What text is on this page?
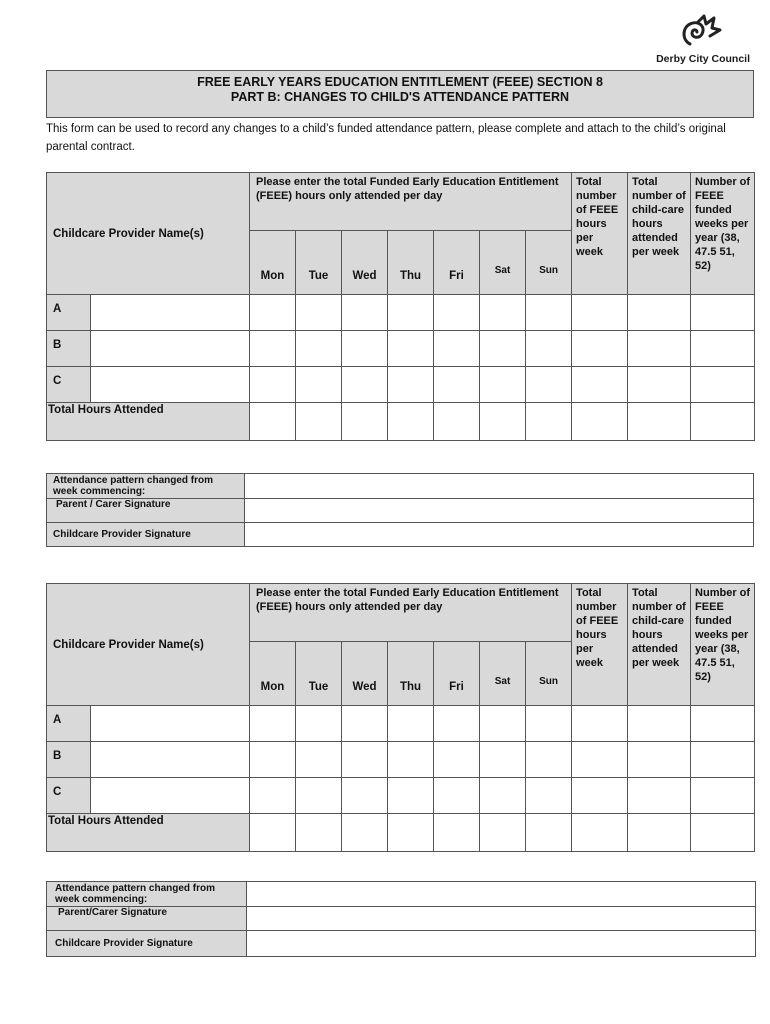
Derby City Council
FREE EARLY YEARS EDUCATION ENTITLEMENT (FEEE) SECTION 8
PART B: CHANGES TO CHILD'S ATTENDANCE PATTERN
This form can be used to record any changes to a child’s funded attendance pattern, please complete and attach to the child’s original parental contract.
Childcare Provider Name(s)		Please enter the total Funded Early Education Entitlement (FEEE) hours only attended per day							Total number of FEEE hours per week	Total number of child-care hours attended per week	Number of FEEE funded weeks per year (38, 47.5 51, 52)
		Mon	Tue	Wed	Thu	Fri	Sat	Sun			
A											
B											
C											
Total Hours Attended											
Attendance pattern changed from week commencing:	
Parent / Carer Signature	
Childcare Provider Signature	
Childcare Provider Name(s)		Please enter the total Funded Early Education Entitlement (FEEE) hours only attended per day							Total number of FEEE hours per week	Total number of child-care hours attended per week	Number of FEEE funded weeks per year (38, 47.5 51, 52)
		Mon	Tue	Wed	Thu	Fri	Sat	Sun			
A											
B											
C											
Total Hours Attended											
Attendance pattern changed from week commencing:	
Parent/Carer Signature	
Childcare Provider Signature	
